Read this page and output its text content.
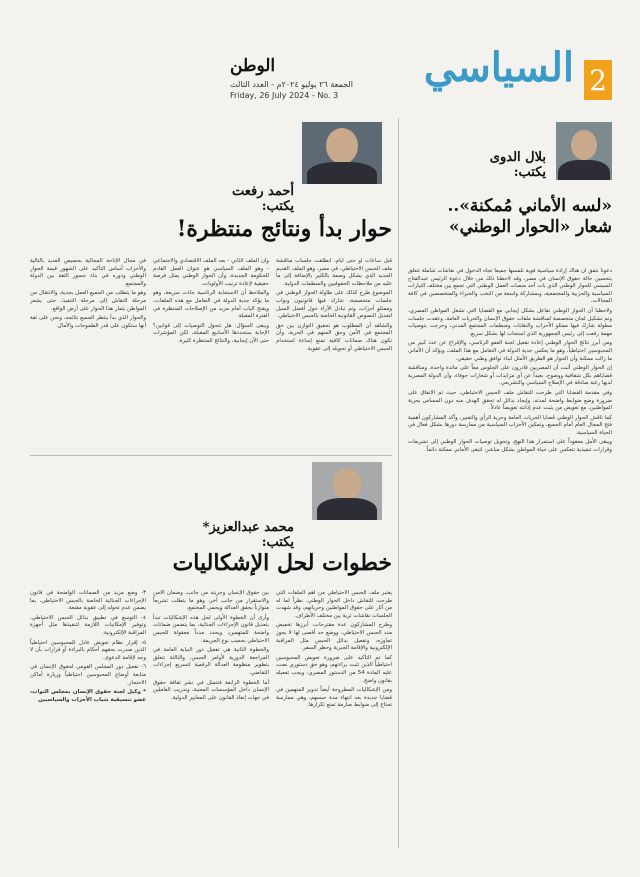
2
السياسي
الوطن
الجمعة ٢٦ يوليو ٢٠٢٤م - العدد الثالث
Friday, 26 July 2024 - No. 3
بلال الدوى
يكتب:
«لسه الأماني مُمكنة».. شعار «الحوار الوطني»

دعونا نتفق أن هناك إرادة سياسية قوية تلمسها جميعاً تجاه الدخول في نقاشات شاملة تتعلق بتحسين حالة حقوق الإنسان في مصر، وقد لاحظنا ذلك من خلال دعوة الرئيس عبدالفتاح السيسي للحوار الوطني الذي بات أحد منصات العمل الوطني التي تجمع بين مختلف التيارات السياسية والحزبية والمجتمعية، وبمشاركة واسعة من النخب والخبراء والمتخصصين في كافة المجالات.

ولاحظنا أن الحوار الوطني تفاعل بشكل إيجابي مع القضايا التي تشغل المواطن المصري، وتم تشكيل لجان متخصصة لمناقشة ملفات حقوق الإنسان والحريات العامة، وعقدت جلسات مطولة شارك فيها ممثلو الأحزاب والنقابات ومنظمات المجتمع المدني، وخرجت بتوصيات مهمة رفعت إلى رئيس الجمهورية الذي استجاب لها بشكل سريع.

ومن أبرز نتائج الحوار الوطني إعادة تفعيل لجنة العفو الرئاسي، والإفراج عن عدد كبير من المحبوسين احتياطياً، وهو ما يعكس جدية الدولة في التعامل مع هذا الملف، ويؤكد أن الأماني ما زالت ممكنة وأن الحوار هو الطريق الأمثل لبناء توافق وطني حقيقي.

إن الحوار الوطني أثبت أن المصريين قادرون على الجلوس معاً على مائدة واحدة، ومناقشة قضاياهم بكل شفافية ووضوح، بعيداً عن أي مزايدات أو شعارات جوفاء، وأن الدولة المصرية لديها رغبة صادقة في الإصلاح السياسي والتشريعي.

وفي مقدمة القضايا التي طرحت للنقاش ملف الحبس الاحتياطي، حيث تم الاتفاق على ضرورة وضع ضوابط واضحة لمدته، وإيجاد بدائل له تحقق الهدف منه دون المساس بحرية المواطنين، مع تعويض من يثبت عدم إدانته تعويضاً عادلاً.

كما ناقش الحوار الوطني قضايا الحريات العامة وحرية الرأي والتعبير، وأكد المشاركون أهمية فتح المجال العام أمام الجميع، وتمكين الأحزاب السياسية من ممارسة دورها بشكل فعال في الحياة السياسية.

ويبقى الأمل معقوداً على استمرار هذا النهج، وتحويل توصيات الحوار الوطني إلى تشريعات وقرارات تنفيذية تنعكس على حياة المواطن بشكل مباشر، لتبقى الأماني ممكنة دائماً.

أحمد رفعت
يكتب:
حوار بدأ ونتائج منتظرة!

قبل ساعات أو حتى أيام، انطلقت جلسات مناقشة ملف الحبس الاحتياطي، في مصر، وهو الملف القديم الجديد الذي يشكل وصمة بالكثير بالإضافة إلى ما عليه من ملاحظات الحقوقيين والمنظمات الدولية.

الموضوع طرح كذلك على طاولة الحوار الوطني في جلسات متخصصة، شارك فيها قانونيون ونواب وممثلو أحزاب، وتم تبادل الآراء حول أفضل السبل لتعديل النصوص القانونية الخاصة بالحبس الاحتياطي.

والشاهد أن المطلوب هو تحقيق التوازن بين حق المجتمع في الأمن وحق المتهم في الحرية، وأن تكون هناك ضمانات كافية تمنع إساءة استخدام الحبس الاحتياطي أو تحويله إلى عقوبة.

وأن الملف الثاني - بعد الملف الاقتصادي والاجتماعي - وهو الملف السياسي هو عنوان العمل القادم للحكومة الجديدة، وأن الحوار الوطني يمثل فرصة حقيقية لإعادة ترتيب الأولويات.

والملاحظ أن الاستجابة الرئاسية جاءت سريعة، وهو ما يؤكد جدية الدولة في التعامل مع هذه الملفات، ويفتح الباب أمام مزيد من الإصلاحات المنتظرة في الفترة المقبلة.

ويبقى السؤال: هل تتحول التوصيات إلى قوانين؟ الإجابة ستحددها الأسابيع المقبلة، لكن المؤشرات حتى الآن إيجابية، والنتائج المنتظرة كثيرة.

في مجال الإتاحة المجالية بحصيص العديد بالتالية والأحزاب أساس التأكيد على الشهور قيمة الحوار الوطني ودوره في بناء جسور الثقة بين الدولة والمجتمع.

وهو ما يتطلب من الجميع العمل بجدية، والانتقال من مرحلة النقاش إلى مرحلة التنفيذ، حتى يشعر المواطن بثمار هذا الحوار على أرض الواقع.

والحوار الذي بدأ ينتظر الجميع نتائجه، ونحن على ثقة أنها ستكون على قدر الطموحات والآمال.

محمد عبدالعزيز*
يكتب:
خطوات لحل الإشكاليات

يعتبر ملف الحبس الاحتياطي من أهم الملفات التي طرحت للنقاش داخل الحوار الوطني، نظراً لما له من آثار على حقوق المواطنين وحرياتهم، وقد شهدت الجلسات نقاشات ثرية بين مختلف الأطراف.

وطرح المشاركون عدة مقترحات، أبرزها تخفيض مدد الحبس الاحتياطي، ووضع حد أقصى لها لا يجوز تجاوزه، وتفعيل بدائل الحبس مثل المراقبة الإلكترونية والإقامة الجبرية وحظر السفر.

كما تم التأكيد على ضرورة تعويض المحبوسين احتياطياً الذين تثبت براءتهم، وهو حق دستوري نصت عليه المادة 54 من الدستور المصري، ويجب تفعيله بقانون واضح.

ومن الإشكاليات المطروحة أيضاً تدوير المتهمين في قضايا جديدة بعد انتهاء مدة حبسهم، وهي ممارسة تحتاج إلى ضوابط صارمة تمنع تكرارها.

بين حقوق الإنسان وحريته من جانب، وضمان الأمن والاستقرار من جانب آخر، وهو ما يتطلب تشريعاً متوازناً يحقق العدالة ويحمي المجتمع.

وأرى أن الخطوة الأولى لحل هذه الإشكاليات تبدأ بتعديل قانون الإجراءات الجنائية، بما يتضمن ضمانات واضحة للمتهمين، ويحدد مدداً معقولة للحبس الاحتياطي بحسب نوع الجريمة.

والخطوة الثانية هي تفعيل دور النيابة العامة في المراجعة الدورية لأوامر الحبس، والثالثة تتعلق بتطوير منظومة العدالة الرقمية لتسريع إجراءات التقاضي.

أما الخطوة الرابعة فتتمثل في نشر ثقافة حقوق الإنسان داخل المؤسسات المعنية، وتدريب العاملين في جهات إنفاذ القانون على المعايير الدولية.

٣- وضع مزيد من الضمانات الواضحة في قانون الإجراءات الجنائية الخاصة بالحبس الاحتياطي، بما يضمن عدم تحوله إلى عقوبة مقنعة.

٤- التوسع في تطبيق بدائل الحبس الاحتياطي، وتوفير الإمكانيات اللازمة لتنفيذها مثل أجهزة المراقبة الإلكترونية.

٥- إقرار نظام تعويض عادل للمحبوسين احتياطياً الذين صدرت بحقهم أحكام بالبراءة أو قرارات بأن لا وجه لإقامة الدعوى.

٦- تفعيل دور المجلس القومي لحقوق الإنسان في متابعة أوضاع المحبوسين احتياطياً وزيارة أماكن الاحتجاز.

* وكيل لجنة حقوق الإنسان بمجلس النواب، عضو تنسيقية شباب الأحزاب والسياسيين
